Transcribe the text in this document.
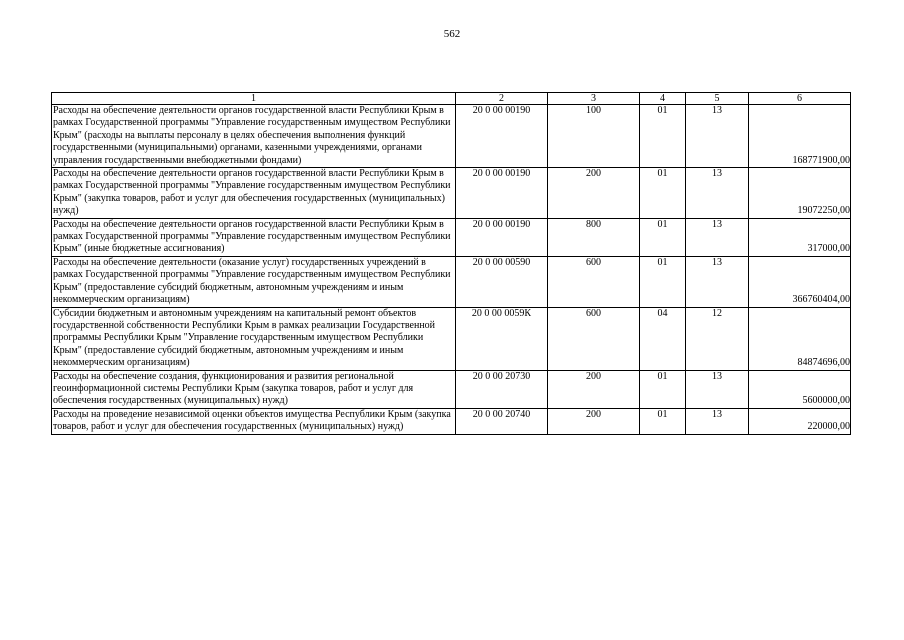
562
1	2	3	4	5	6
Расходы на обеспечение деятельности органов государственной власти Республики Крым в рамках Государственной программы "Управление государственным имуществом Республики Крым" (расходы на выплаты персоналу в целях обеспечения выполнения функций государственными (муниципальными) органами, казенными учреждениями, органами управления государственными внебюджетными фондами)	20 0 00 00190	100	01	13	168771900,00
Расходы на обеспечение деятельности органов государственной власти Республики Крым в рамках Государственной программы "Управление государственным имуществом Республики Крым" (закупка товаров, работ и услуг для обеспечения государственных (муниципальных) нужд)	20 0 00 00190	200	01	13	19072250,00
Расходы на обеспечение деятельности органов государственной власти Республики Крым в рамках Государственной программы "Управление государственным имуществом Республики Крым" (иные бюджетные ассигнования)	20 0 00 00190	800	01	13	317000,00
Расходы на обеспечение деятельности (оказание услуг) государственных учреждений в рамках Государственной программы "Управление государственным имуществом Республики Крым" (предоставление субсидий бюджетным, автономным учреждениям и иным некоммерческим организациям)	20 0 00 00590	600	01	13	366760404,00
Субсидии бюджетным и автономным учреждениям на капитальный ремонт объектов государственной собственности Республики Крым в рамках реализации Государственной программы Республики Крым "Управление государственным имуществом Республики Крым" (предоставление субсидий бюджетным, автономным учреждениям и иным некоммерческим организациям)	20 0 00 0059К	600	04	12	84874696,00
Расходы на обеспечение создания, функционирования и развития региональной геоинформационной системы Республики Крым (закупка товаров, работ и услуг для обеспечения государственных (муниципальных) нужд)	20 0 00 20730	200	01	13	5600000,00
Расходы на проведение независимой оценки объектов имущества Республики Крым (закупка товаров, работ и услуг для обеспечения государственных (муниципальных) нужд)	20 0 00 20740	200	01	13	220000,00
